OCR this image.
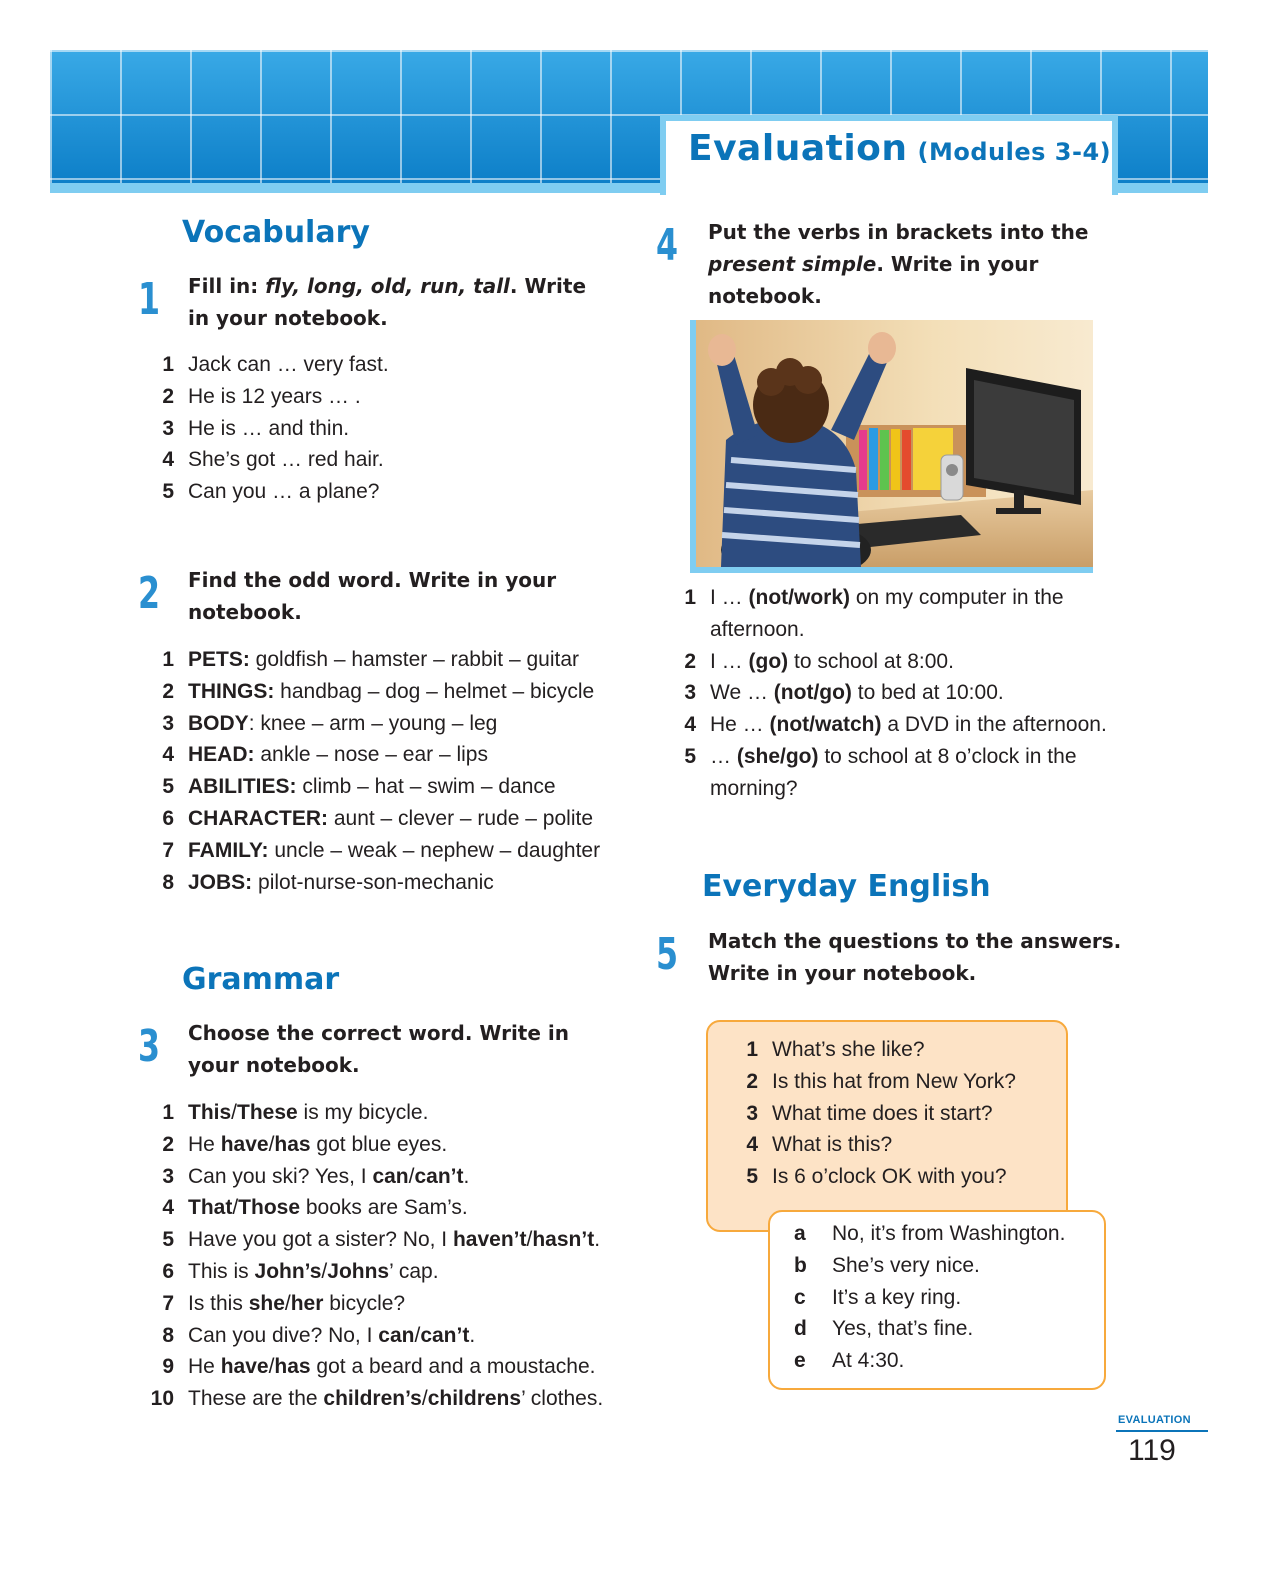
Evaluation (Modules 3-4)
Vocabulary
1 Fill in: fly, long, old, run, tall. Write in your notebook.

1 Jack can … very fast.
2 He is 12 years … .
3 He is … and thin.
4 She’s got … red hair.
5 Can you … a plane?
2 Find the odd word. Write in your notebook.

1 PETS: goldfish – hamster – rabbit – guitar
2 THINGS: handbag – dog – helmet – bicycle
3 BODY: knee – arm – young – leg
4 HEAD: ankle – nose – ear – lips
5 ABILITIES: climb – hat – swim – dance
6 CHARACTER: aunt – clever – rude – polite
7 FAMILY: uncle – weak – nephew – daughter
8 JOBS: pilot-nurse-son-mechanic
Grammar
3 Choose the correct word. Write in your notebook.

1 This/These is my bicycle.
2 He have/has got blue eyes.
3 Can you ski? Yes, I can/can’t.
4 That/Those books are Sam’s.
5 Have you got a sister? No, I haven’t/hasn’t.
6 This is John’s/Johns’ cap.
7 Is this she/her bicycle?
8 Can you dive? No, I can/can’t.
9 He have/has got a beard and a moustache.
10 These are the children’s/childrens’ clothes.
4 Put the verbs in brackets into the present simple. Write in your notebook.

1 I … (not/work) on my computer in the afternoon.
2 I … (go) to school at 8:00.
3 We … (not/go) to bed at 10:00.
4 He … (not/watch) a DVD in the afternoon.
5 … (she/go) to school at 8 o’clock in the morning?
Everyday English
5 Match the questions to the answers. Write in your notebook.

1 What’s she like?
2 Is this hat from New York?
3 What time does it start?
4 What is this?
5 Is 6 o’clock OK with you?
a	No, it’s from Washington.
b	She’s very nice.
c	It’s a key ring.
d	Yes, that’s fine.
e	At 4:30.
EVALUATION
119
